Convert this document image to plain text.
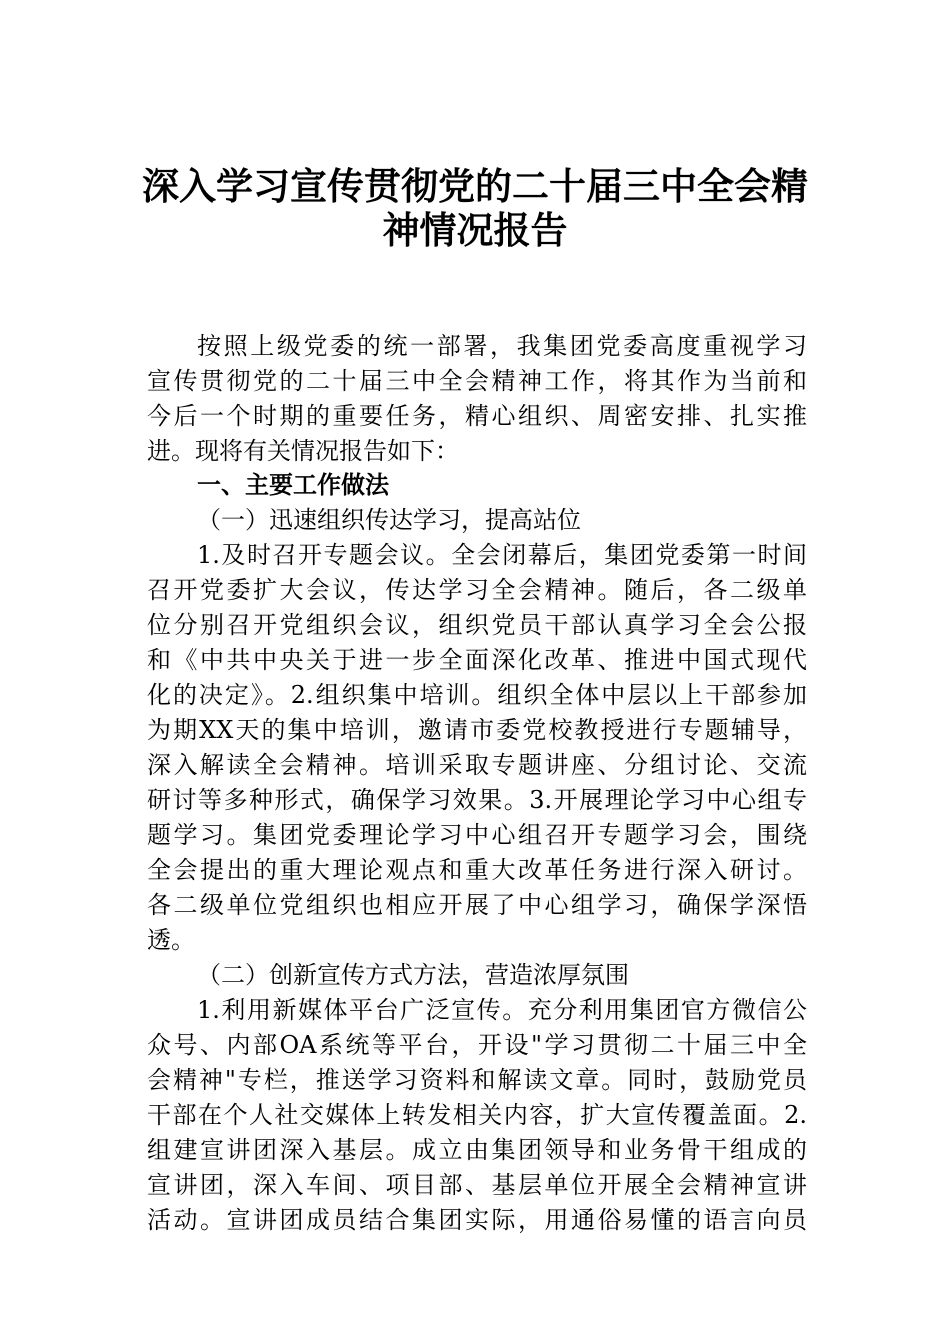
深入学习宣传贯彻党的二十届三中全会精
神情况报告
按照上级党委的统一部署，我集团党委高度重视学习
宣传贯彻党的二十届三中全会精神工作，将其作为当前和
今后一个时期的重要任务，精心组织、周密安排、扎实推
进。现将有关情况报告如下：
一、主要工作做法
（一）迅速组织传达学习，提高站位
1.及时召开专题会议。全会闭幕后，集团党委第一时间
召开党委扩大会议，传达学习全会精神。随后，各二级单
位分别召开党组织会议，组织党员干部认真学习全会公报
和《中共中央关于进一步全面深化改革、推进中国式现代
化的决定》。2.组织集中培训。组织全体中层以上干部参加
为期XX天的集中培训，邀请市委党校教授进行专题辅导，
深入解读全会精神。培训采取专题讲座、分组讨论、交流
研讨等多种形式，确保学习效果。3.开展理论学习中心组专
题学习。集团党委理论学习中心组召开专题学习会，围绕
全会提出的重大理论观点和重大改革任务进行深入研讨。
各二级单位党组织也相应开展了中心组学习，确保学深悟
透。
（二）创新宣传方式方法，营造浓厚氛围
1.利用新媒体平台广泛宣传。充分利用集团官方微信公
众号、内部OA系统等平台，开设"学习贯彻二十届三中全
会精神"专栏，推送学习资料和解读文章。同时，鼓励党员
干部在个人社交媒体上转发相关内容，扩大宣传覆盖面。2.
组建宣讲团深入基层。成立由集团领导和业务骨干组成的
宣讲团，深入车间、项目部、基层单位开展全会精神宣讲
活动。宣讲团成员结合集团实际，用通俗易懂的语言向员
